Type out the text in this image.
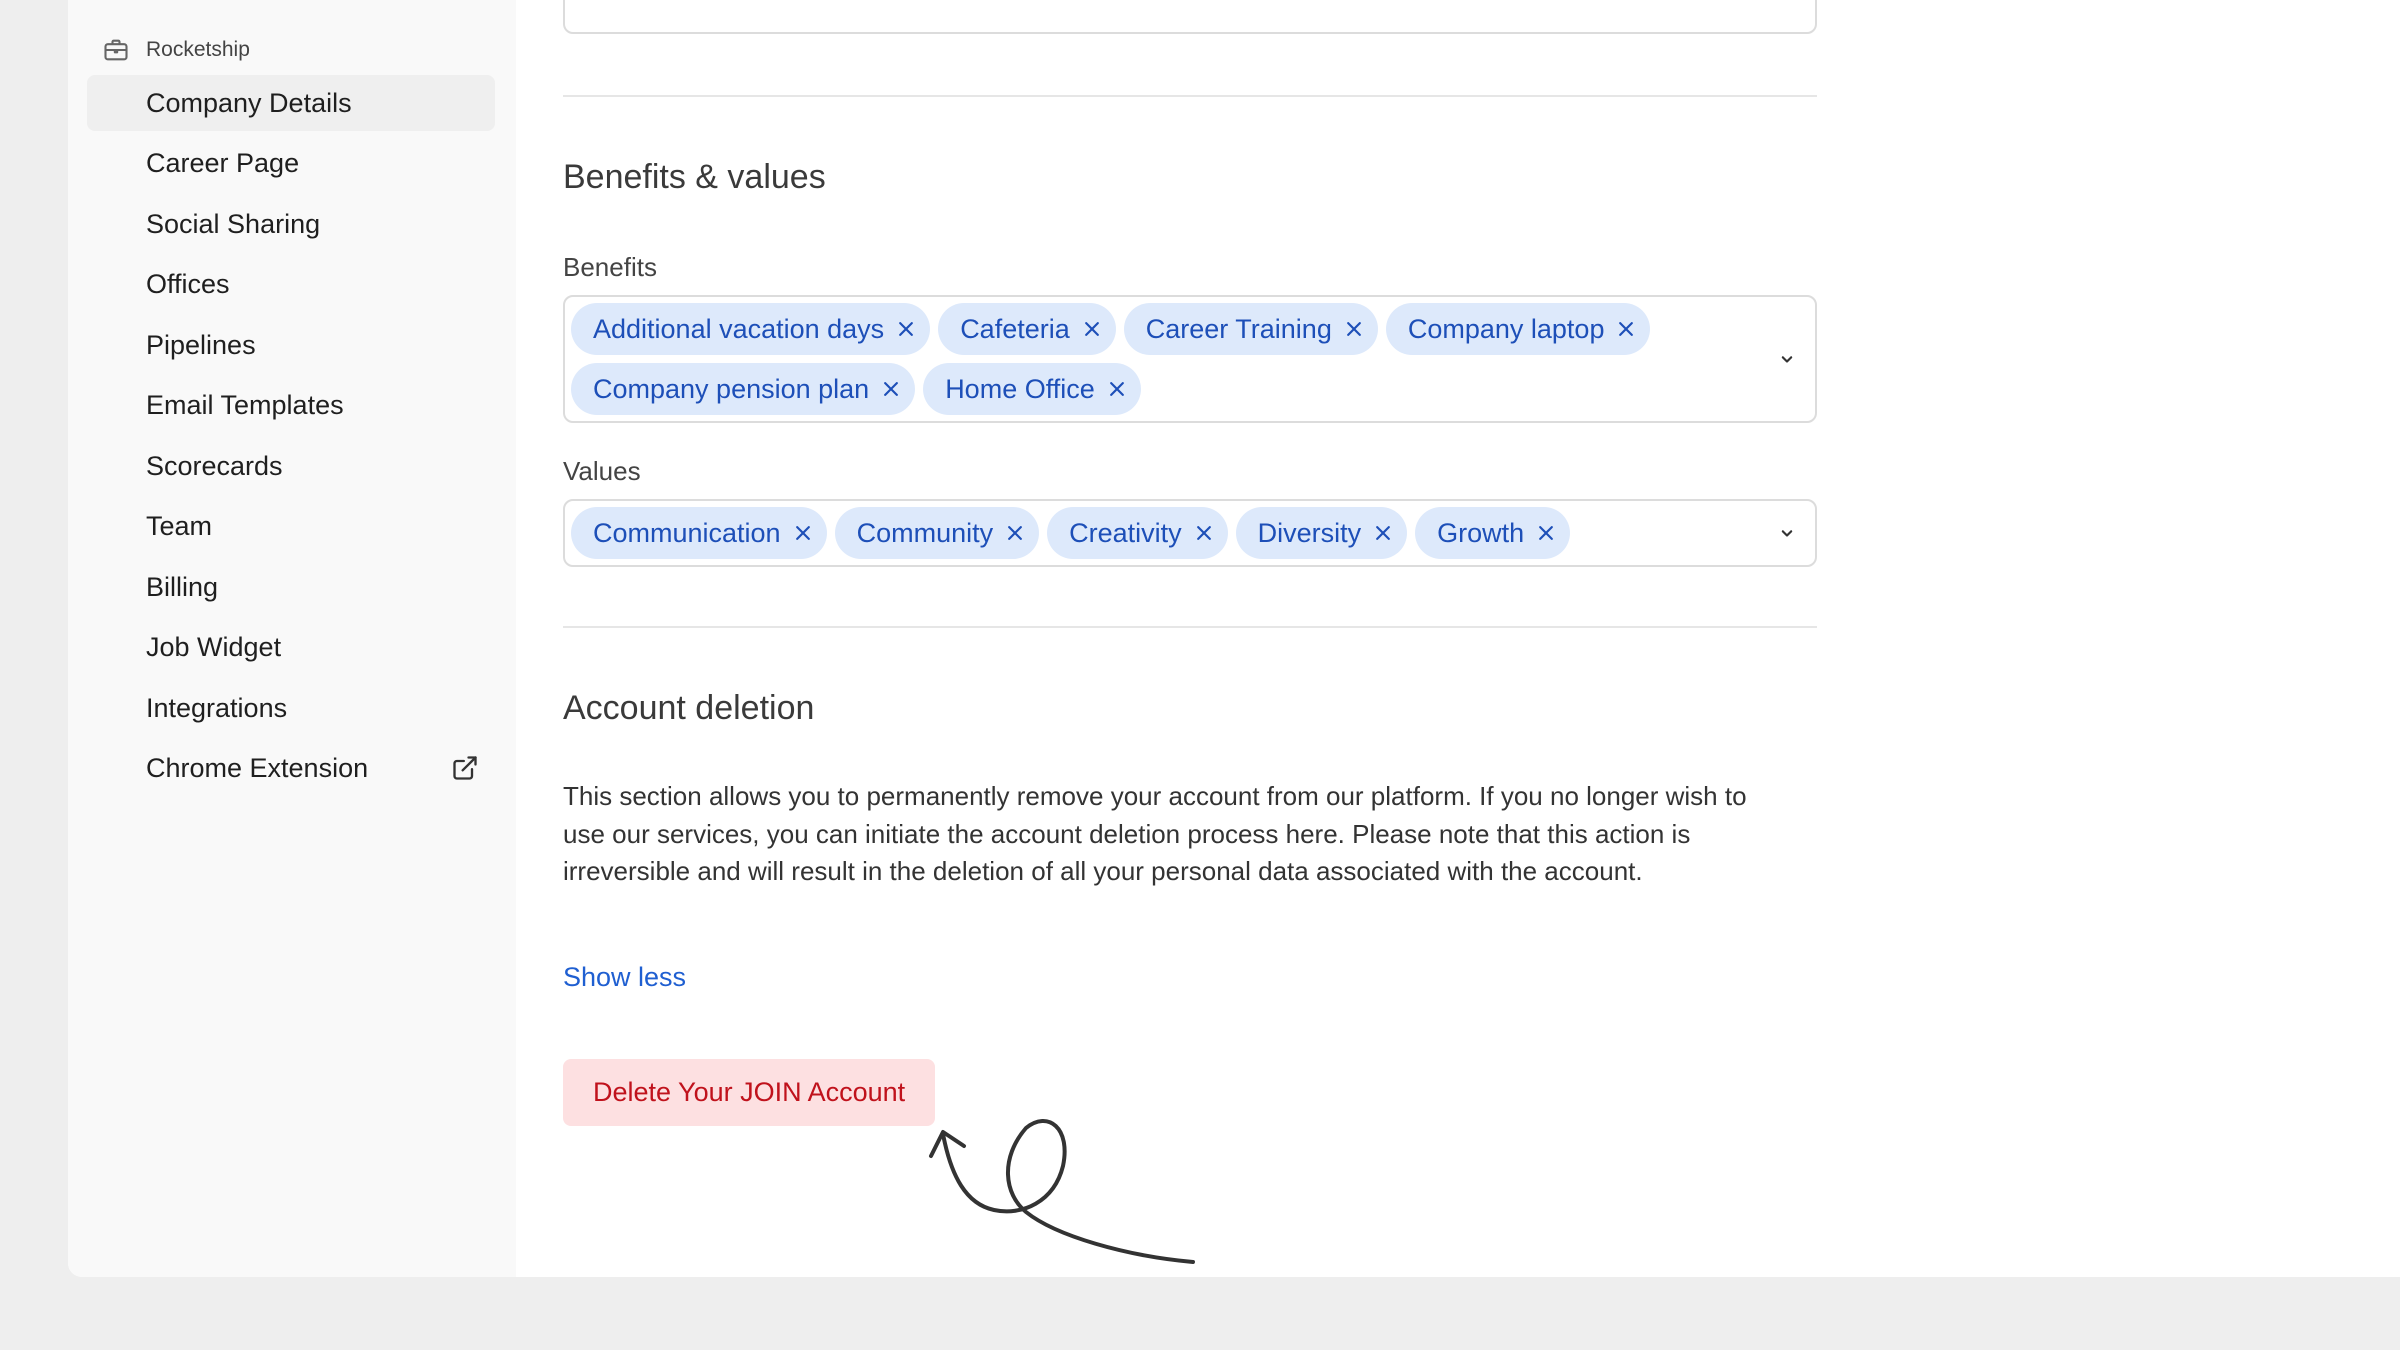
Rocketship
Company Details
Career Page
Social Sharing
Offices
Pipelines
Email Templates
Scorecards
Team
Billing
Job Widget
Integrations
Chrome Extension
Benefits & values
Benefits
Additional vacation days	Cafeteria	Career Training	Company laptop
Company pension plan	Home Office
Values
Communication	Community	Creativity	Diversity	Growth
Account deletion

This section allows you to permanently remove your account from our platform. If you no longer wish to use our services, you can initiate the account deletion process here. Please note that this action is irreversible and will result in the deletion of all your personal data associated with the account.

Show less
Delete Your JOIN Account
